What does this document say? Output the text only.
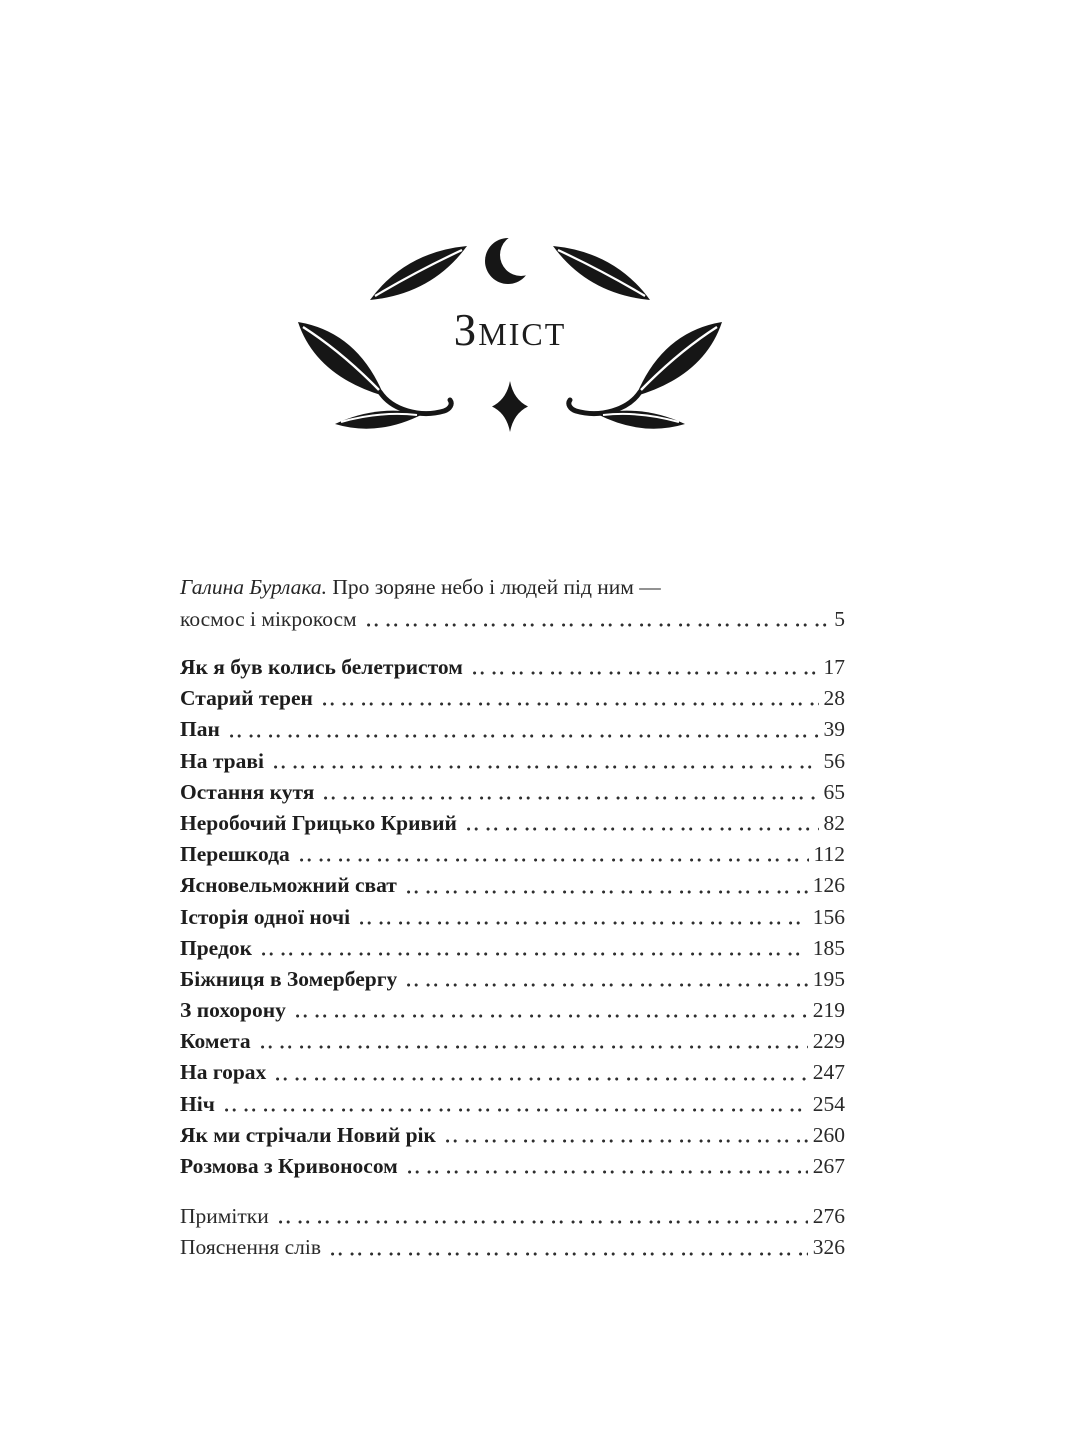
Зміст
Галина Бурлака. Про зоряне небо і людей під ним —
космос і мікрокосм	5
Як я був колись белетристом	17
Старий терен	28
Пан	39
На траві	56
Остання кутя	65
Неробочий Грицько Кривий	82
Перешкода	112
Ясновельможний сват	126
Історія одної ночі	156
Предок	185
Біжниця в Зомербергу	195
З похорону	219
Комета	229
На горах	247
Ніч	254
Як ми стрічали Новий рік	260
Розмова з Кривоносом	267
Примітки	276
Пояснення слів	326
